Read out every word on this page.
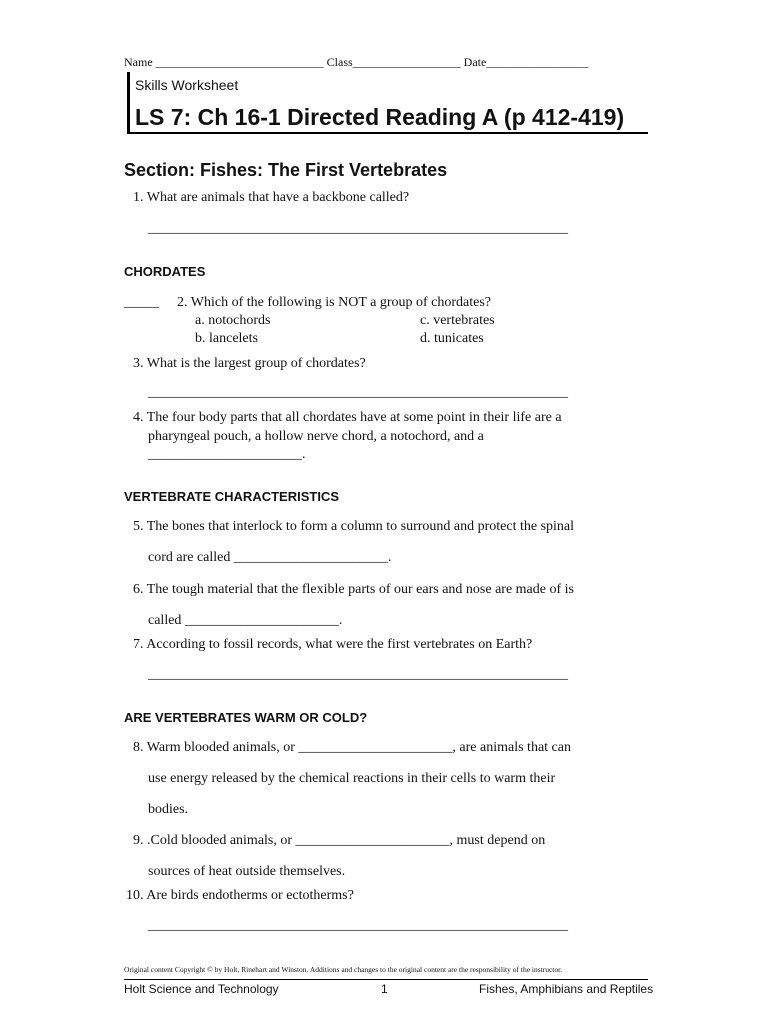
Name ____________________________ Class__________________ Date_________________
Skills Worksheet
LS 7: Ch 16-1 Directed Reading A (p 412-419)
Section: Fishes: The First Vertebrates
1. What are animals that have a backbone called?
____________________________________________________________
CHORDATES
_____ 2. Which of the following is NOT a group of chordates?
a. notochords	c. vertebrates
b. lancelets	d. tunicates
3. What is the largest group of chordates?
____________________________________________________________
4. The four body parts that all chordates have at some point in their life are a
pharyngeal pouch, a hollow nerve chord, a notochord, and a
______________________.
VERTEBRATE CHARACTERISTICS
5. The bones that interlock to form a column to surround and protect the spinal
cord are called ______________________.
6. The tough material that the flexible parts of our ears and nose are made of is
called ______________________.
7. According to fossil records, what were the first vertebrates on Earth?
____________________________________________________________
ARE VERTEBRATES WARM OR COLD?
8. Warm blooded animals, or ______________________, are animals that can
use energy released by the chemical reactions in their cells to warm their
bodies.
9. .Cold blooded animals, or ______________________, must depend on
sources of heat outside themselves.
10. Are birds endotherms or ectotherms?
____________________________________________________________
Original content Copyright © by Holt, Rinehart and Winston. Additions and changes to the original content are the responsibility of the instructor.
Holt Science and Technology	1	Fishes, Amphibians and Reptiles
